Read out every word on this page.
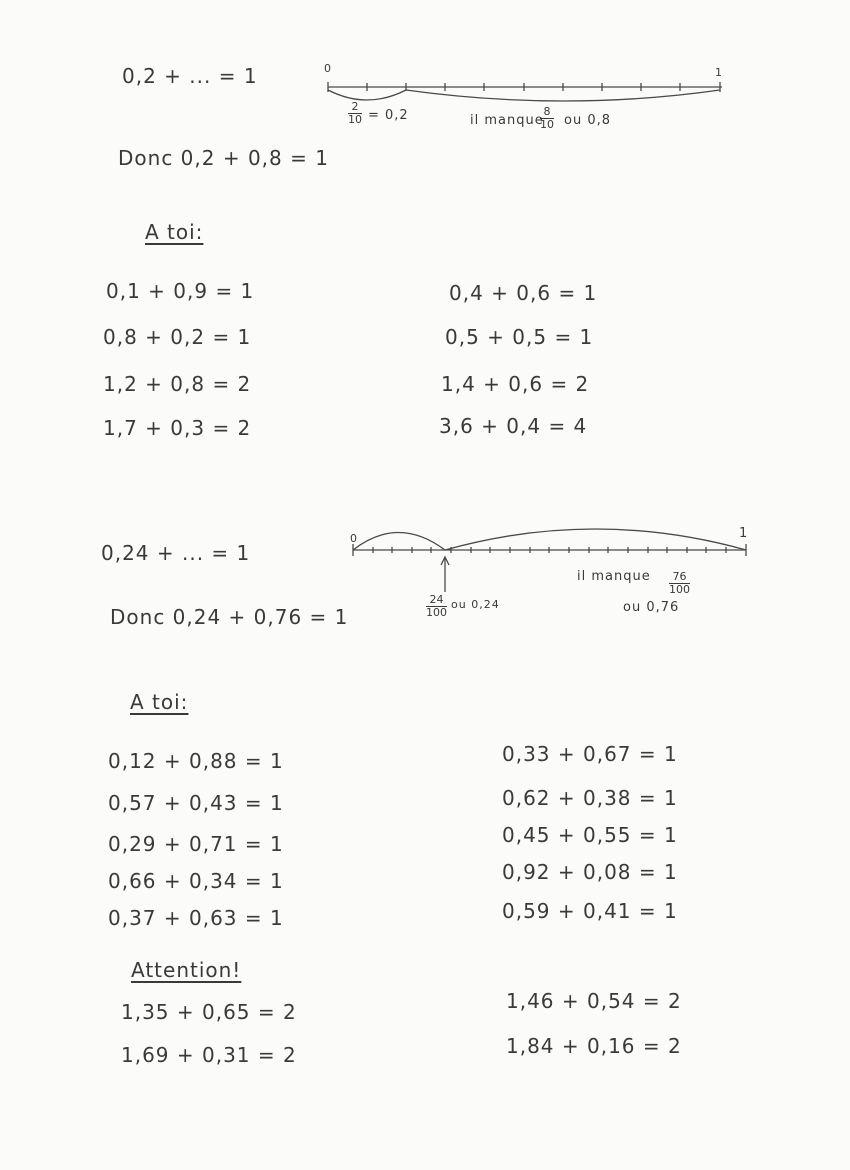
0,2 + ... = 1
Donc 0,2 + 0,8 = 1
0	1
2
10 = 0,2	il manque
8
10 ou 0,8
A toi:
0,1 + 0,9 = 1
0,8 + 0,2 = 1
1,2 + 0,8 = 2
1,7 + 0,3 = 2
0,4 + 0,6 = 1
0,5 + 0,5 = 1
1,4 + 0,6 = 2
3,6 + 0,4 = 4
0,24 + ... = 1
Donc 0,24 + 0,76 = 1
0	1
24
100
ou 0,24
il manque 76
100
ou 0,76
A toi:
0,12 + 0,88 = 1
0,57 + 0,43 = 1
0,29 + 0,71 = 1
0,66 + 0,34 = 1
0,37 + 0,63 = 1
0,33 + 0,67 = 1
0,62 + 0,38 = 1
0,45 + 0,55 = 1
0,92 + 0,08 = 1
0,59 + 0,41 = 1
Attention!
1,35 + 0,65 = 2
1,69 + 0,31 = 2
1,46 + 0,54 = 2
1,84 + 0,16 = 2
